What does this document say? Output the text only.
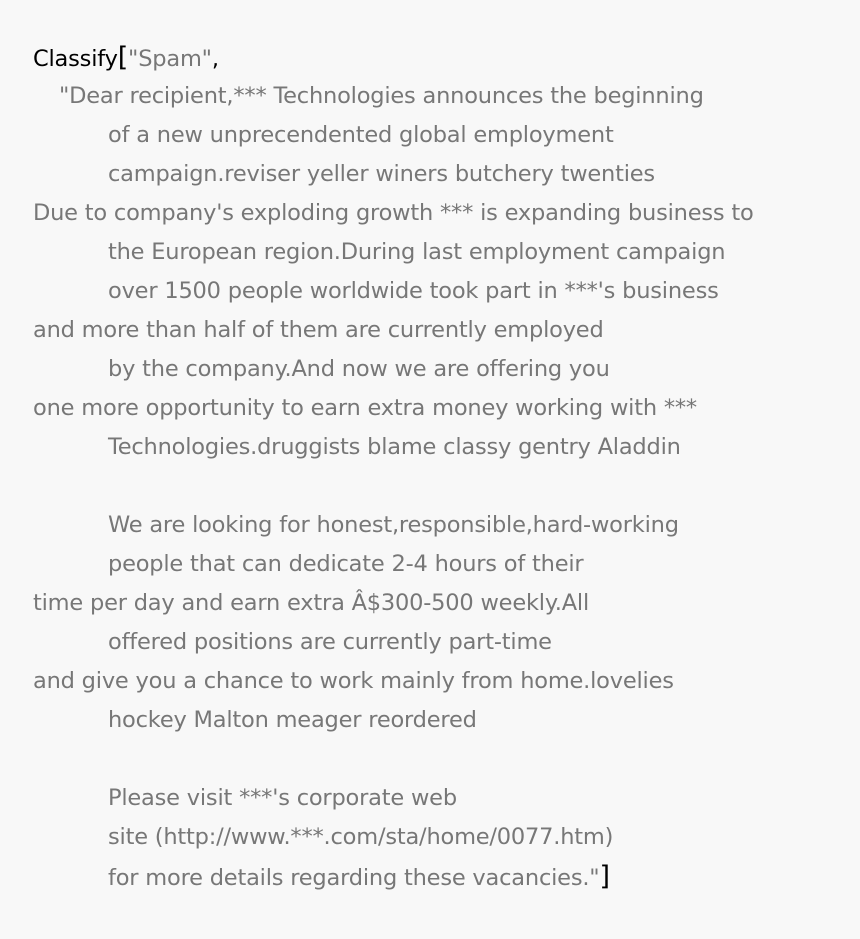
Classify["Spam",
"Dear recipient,*** Technologies announces the beginning
of a new unprecendented global employment
campaign.reviser yeller winers butchery twenties
Due to company's exploding growth *** is expanding business to
the European region.During last employment campaign
over 1500 people worldwide took part in ***'s business
and more than half of them are currently employed
by the company.And now we are offering you
one more opportunity to earn extra money working with ***
Technologies.druggists blame classy gentry Aladdin
We are looking for honest,responsible,hard-working
people that can dedicate 2-4 hours of their
time per day and earn extra Â$300-500 weekly.All
offered positions are currently part-time
and give you a chance to work mainly from home.lovelies
hockey Malton meager reordered
Please visit ***'s corporate web
site (http://www.***.com/sta/home/0077.htm)
for more details regarding these vacancies."]
